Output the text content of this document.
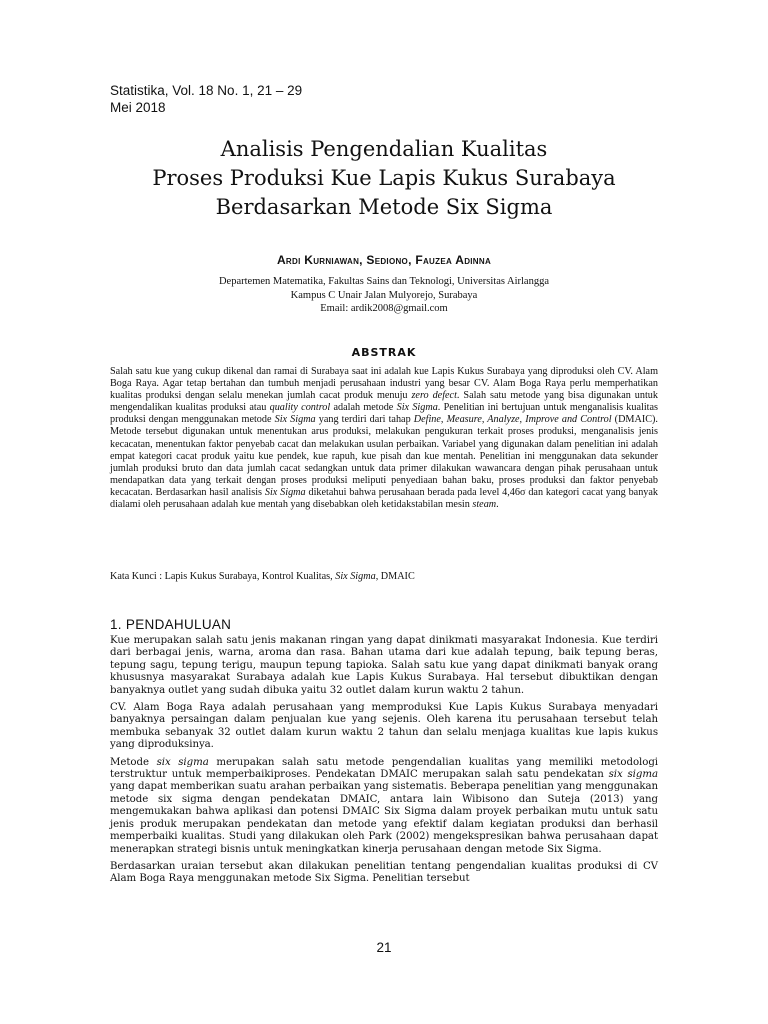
Statistika, Vol. 18 No. 1, 21 – 29
Mei 2018
Analisis Pengendalian Kualitas
Proses Produksi Kue Lapis Kukus Surabaya
Berdasarkan Metode Six Sigma
Ardi Kurniawan, Sediono, Fauzea Adinna
Departemen Matematika, Fakultas Sains dan Teknologi, Universitas Airlangga
Kampus C Unair Jalan Mulyorejo, Surabaya
Email: ardik2008@gmail.com
ABSTRAK

Salah satu kue yang cukup dikenal dan ramai di Surabaya saat ini adalah kue Lapis Kukus Surabaya yang diproduksi oleh CV. Alam Boga Raya. Agar tetap bertahan dan tumbuh menjadi perusahaan industri yang besar CV. Alam Boga Raya perlu memperhatikan kualitas produksi dengan selalu menekan jumlah cacat produk menuju zero defect. Salah satu metode yang bisa digunakan untuk mengendalikan kualitas produksi atau quality control adalah metode Six Sigma. Penelitian ini bertujuan untuk menganalisis kualitas produksi dengan menggunakan metode Six Sigma yang terdiri dari tahap Define, Measure, Analyze, Improve and Control (DMAIC). Metode tersebut digunakan untuk menentukan arus produksi, melakukan pengukuran terkait proses produksi, menganalisis jenis kecacatan, menentukan faktor penyebab cacat dan melakukan usulan perbaikan. Variabel yang digunakan dalam penelitian ini adalah empat kategori cacat produk yaitu kue pendek, kue rapuh, kue pisah dan kue mentah. Penelitian ini menggunakan data sekunder jumlah produksi bruto dan data jumlah cacat sedangkan untuk data primer dilakukan wawancara dengan pihak perusahaan untuk mendapatkan data yang terkait dengan proses produksi meliputi penyediaan bahan baku, proses produksi dan faktor penyebab kecacatan. Berdasarkan hasil analisis Six Sigma diketahui bahwa perusahaan berada pada level 4,46σ dan kategori cacat yang banyak dialami oleh perusahaan adalah kue mentah yang disebabkan oleh ketidakstabilan mesin steam.

Kata Kunci : Lapis Kukus Surabaya, Kontrol Kualitas, Six Sigma, DMAIC
1. PENDAHULUAN

Kue merupakan salah satu jenis makanan ringan yang dapat dinikmati masyarakat Indonesia. Kue terdiri dari berbagai jenis, warna, aroma dan rasa. Bahan utama dari kue adalah tepung, baik tepung beras, tepung sagu, tepung terigu, maupun tepung tapioka. Salah satu kue yang dapat dinikmati banyak orang khususnya masyarakat Surabaya adalah kue Lapis Kukus Surabaya. Hal tersebut dibuktikan dengan banyaknya outlet yang sudah dibuka yaitu 32 outlet dalam kurun waktu 2 tahun.

CV. Alam Boga Raya adalah perusahaan yang memproduksi Kue Lapis Kukus Surabaya menyadari banyaknya persaingan dalam penjualan kue yang sejenis. Oleh karena itu perusahaan tersebut telah membuka sebanyak 32 outlet dalam kurun waktu 2 tahun dan selalu menjaga kualitas kue lapis kukus yang diproduksinya.

Metode six sigma merupakan salah satu metode pengendalian kualitas yang memiliki metodologi terstruktur untuk memperbaikiproses. Pendekatan DMAIC merupakan salah satu pendekatan six sigma yang dapat memberikan suatu arahan perbaikan yang sistematis. Beberapa penelitian yang menggunakan metode six sigma dengan pendekatan DMAIC, antara lain Wibisono dan Suteja (2013) yang mengemukakan bahwa aplikasi dan potensi DMAIC Six Sigma dalam proyek perbaikan mutu untuk satu jenis produk merupakan pendekatan dan metode yang efektif dalam kegiatan produksi dan berhasil memperbaiki kualitas. Studi yang dilakukan oleh Park (2002) mengekspresikan bahwa perusahaan dapat menerapkan strategi bisnis untuk meningkatkan kinerja perusahaan dengan metode Six Sigma.

Berdasarkan uraian tersebut akan dilakukan penelitian tentang pengendalian kualitas produksi di CV Alam Boga Raya menggunakan metode Six Sigma. Penelitian tersebut

21
